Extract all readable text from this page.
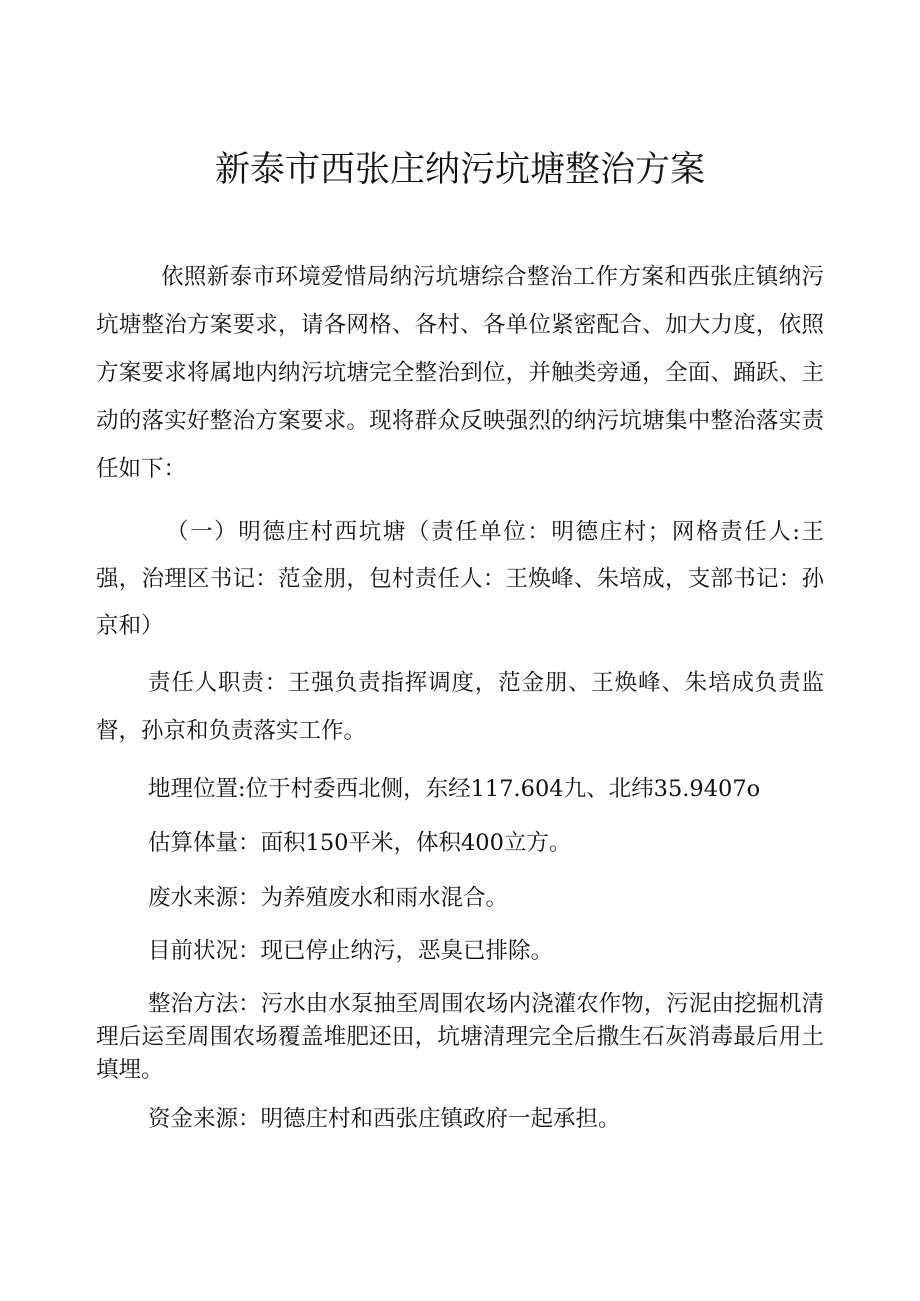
新泰市西张庄纳污坑塘整治方案

依照新泰市环境爱惜局纳污坑塘综合整治工作方案和西张庄镇纳污坑塘整治方案要求，请各网格、各村、各单位紧密配合、加大力度，依照方案要求将属地内纳污坑塘完全整治到位，并触类旁通，全面、踊跃、主动的落实好整治方案要求。现将群众反映强烈的纳污坑塘集中整治落实责任如下：

（一）明德庄村西坑塘（责任单位：明德庄村；网格责任人:王强，治理区书记：范金朋，包村责任人：王焕峰、朱培成，支部书记：孙京和）

责任人职责：王强负责指挥调度，范金朋、王焕峰、朱培成负责监督，孙京和负责落实工作。

地理位置:位于村委西北侧，东经117.604九、北纬35.9407o
估算体量：面积150平米，体积400立方。
废水来源：为养殖废水和雨水混合。
目前状况：现已停止纳污，恶臭已排除。

整治方法：污水由水泵抽至周围农场内浇灌农作物，污泥由挖掘机清理后运至周围农场覆盖堆肥还田，坑塘清理完全后撒生石灰消毒最后用土填埋。

资金来源：明德庄村和西张庄镇政府一起承担。
